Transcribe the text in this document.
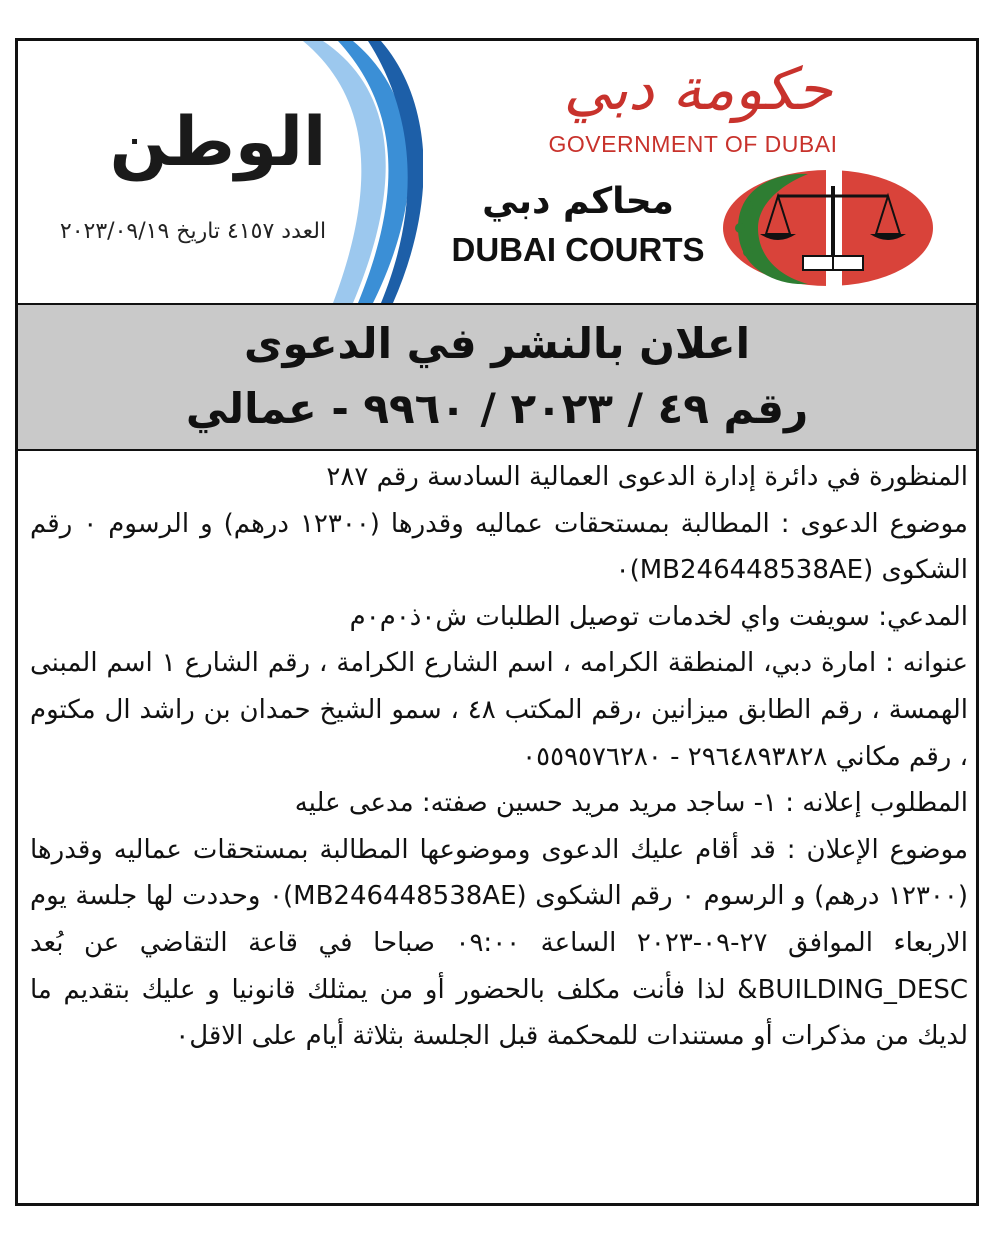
الوطن
العدد ٤١٥٧ تاريخ ٢٠٢٣/٠٩/١٩
حكومة دبي
GOVERNMENT OF DUBAI
محاكم دبي
DUBAI COURTS
اعلان بالنشر في الدعوى
رقم ٤٩ / ٢٠٢٣ / ٩٩٦٠ - عمالي

المنظورة في دائرة إدارة الدعوى العمالية السادسة رقم ٢٨٧

موضوع الدعوى : المطالبة بمستحقات عماليه وقدرها (١٢٣٠٠ درهم) و الرسوم ٠ رقم الشكوى (MB246448538AE)٠

المدعي: سويفت واي لخدمات توصيل الطلبات ش٠ذ٠م٠م

عنوانه : امارة دبي، المنطقة الكرامه ، اسم الشارع الكرامة ، رقم الشارع ١ اسم المبنى الهمسة ، رقم الطابق ميزانين ،رقم المكتب ٤٨ ، سمو الشيخ حمدان بن راشد ال مكتوم ، رقم مكاني ٢٩٦٤٨٩٣٨٢٨ - ٠٥٥٩٥٧٦٢٨٠

المطلوب إعلانه : ١- ساجد مريد مريد حسين صفته: مدعى عليه

موضوع الإعلان : قد أقام عليك الدعوى وموضوعها المطالبة بمستحقات عماليه وقدرها (١٢٣٠٠ درهم) و الرسوم ٠ رقم الشكوى (MB246448538AE)٠ وحددت لها جلسة يوم الاربعاء الموافق ٢٧-٠٩-٢٠٢٣ الساعة ٠٩:٠٠ صباحا في قاعة التقاضي عن بُعد BUILDING_DESC& لذا فأنت مكلف بالحضور أو من يمثلك قانونيا و عليك بتقديم ما لديك من مذكرات أو مستندات للمحكمة قبل الجلسة بثلاثة أيام على الاقل٠
